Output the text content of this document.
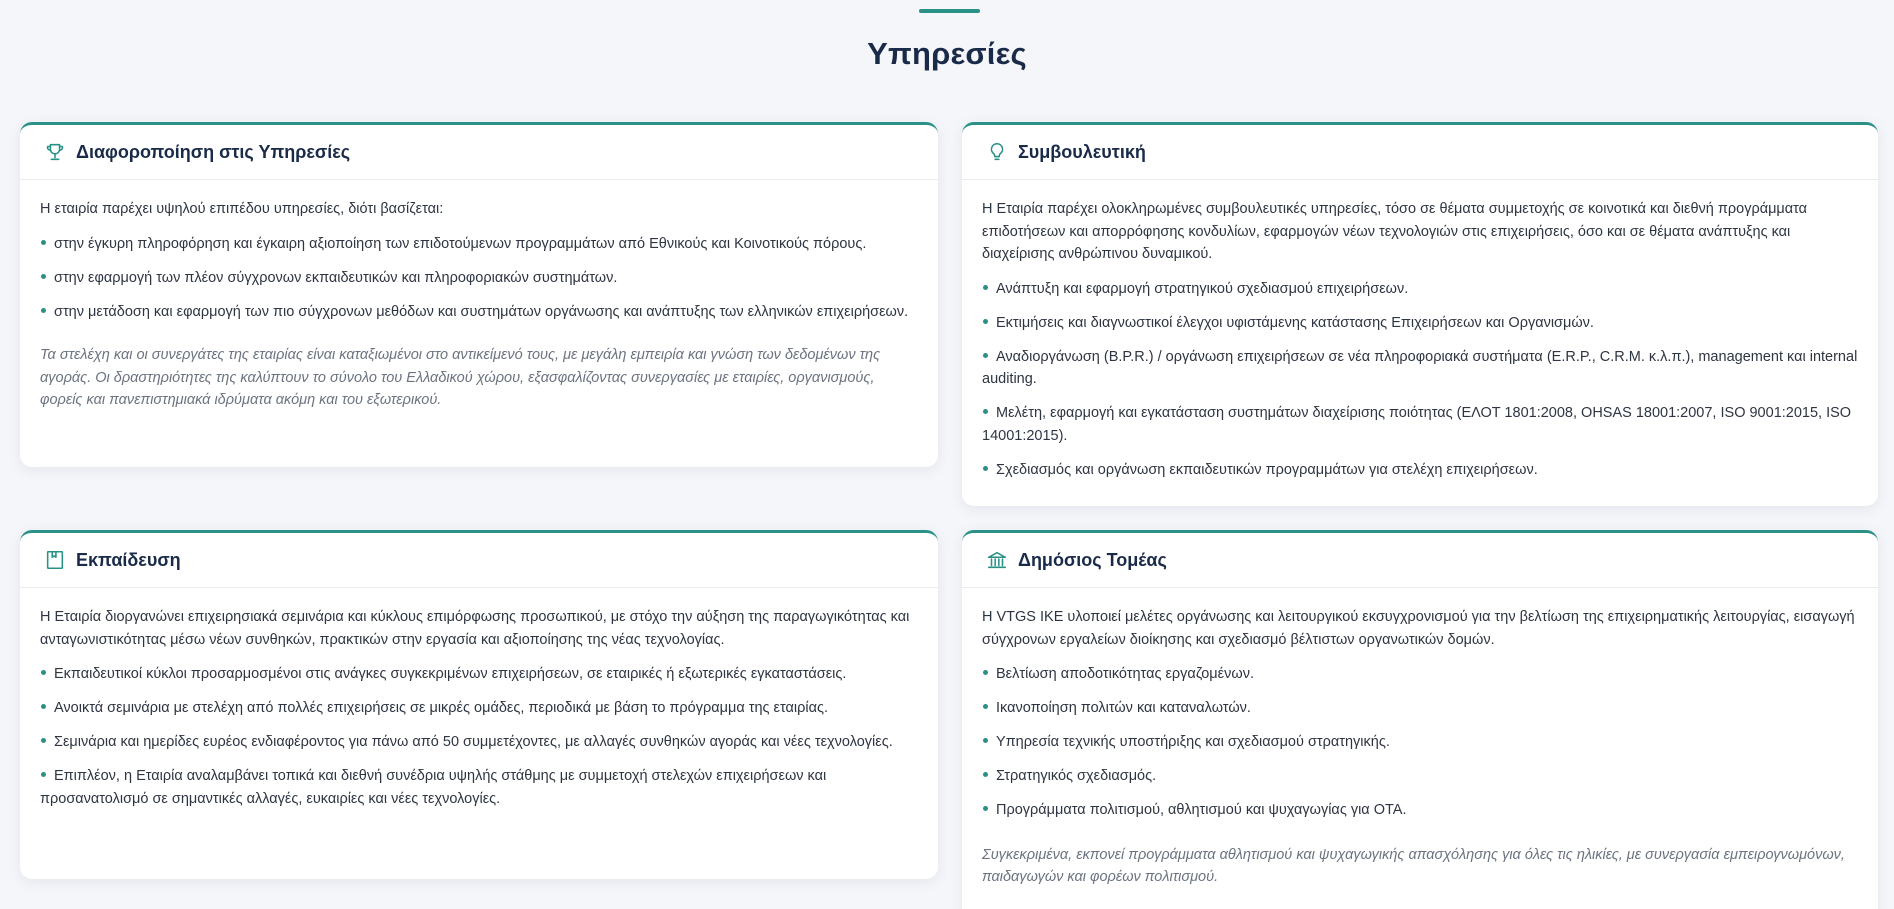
Υπηρεσίες
Διαφοροποίηση στις Υπηρεσίες

Η εταιρία παρέχει υψηλού επιπέδου υπηρεσίες, διότι βασίζεται:

στην έγκυρη πληροφόρηση και έγκαιρη αξιοποίηση των επιδοτούμενων προγραμμάτων από Εθνικούς και Κοινοτικούς πόρους.
στην εφαρμογή των πλέον σύγχρονων εκπαιδευτικών και πληροφοριακών συστημάτων.
στην μετάδοση και εφαρμογή των πιο σύγχρονων μεθόδων και συστημάτων οργάνωσης και ανάπτυξης των ελληνικών επιχειρήσεων.

Τα στελέχη και οι συνεργάτες της εταιρίας είναι καταξιωμένοι στο αντικείμενό τους, με μεγάλη εμπειρία και γνώση των δεδομένων της αγοράς. Οι δραστηριότητες της καλύπτουν το σύνολο του Ελλαδικού χώρου, εξασφαλίζοντας συνεργασίες με εταιρίες, οργανισμούς, φορείς και πανεπιστημιακά ιδρύματα ακόμη και του εξωτερικού.

Συμβουλευτική

Η Εταιρία παρέχει ολοκληρωμένες συμβουλευτικές υπηρεσίες, τόσο σε θέματα συμμετοχής σε κοινοτικά και διεθνή προγράμματα επιδοτήσεων και απορρόφησης κονδυλίων, εφαρμογών νέων τεχνολογιών στις επιχειρήσεις, όσο και σε θέματα ανάπτυξης και διαχείρισης ανθρώπινου δυναμικού.

Ανάπτυξη και εφαρμογή στρατηγικού σχεδιασμού επιχειρήσεων.
Εκτιμήσεις και διαγνωστικοί έλεγχοι υφιστάμενης κατάστασης Επιχειρήσεων και Οργανισμών.
Αναδιοργάνωση (B.P.R.) / οργάνωση επιχειρήσεων σε νέα πληροφοριακά συστήματα (E.R.P., C.R.M. κ.λ.π.), management και internal auditing.
Μελέτη, εφαρμογή και εγκατάσταση συστημάτων διαχείρισης ποιότητας (ΕΛΟΤ 1801:2008, OHSAS 18001:2007, ISO 9001:2015, ISO 14001:2015).
Σχεδιασμός και οργάνωση εκπαιδευτικών προγραμμάτων για στελέχη επιχειρήσεων.
Εκπαίδευση

Η Εταιρία διοργανώνει επιχειρησιακά σεμινάρια και κύκλους επιμόρφωσης προσωπικού, με στόχο την αύξηση της παραγωγικότητας και ανταγωνιστικότητας μέσω νέων συνθηκών, πρακτικών στην εργασία και αξιοποίησης της νέας τεχνολογίας.

Εκπαιδευτικοί κύκλοι προσαρμοσμένοι στις ανάγκες συγκεκριμένων επιχειρήσεων, σε εταιρικές ή εξωτερικές εγκαταστάσεις.
Ανοικτά σεμινάρια με στελέχη από πολλές επιχειρήσεις σε μικρές ομάδες, περιοδικά με βάση το πρόγραμμα της εταιρίας.
Σεμινάρια και ημερίδες ευρέος ενδιαφέροντος για πάνω από 50 συμμετέχοντες, με αλλαγές συνθηκών αγοράς και νέες τεχνολογίες.
Επιπλέον, η Εταιρία αναλαμβάνει τοπικά και διεθνή συνέδρια υψηλής στάθμης με συμμετοχή στελεχών επιχειρήσεων και προσανατολισμό σε σημαντικές αλλαγές, ευκαιρίες και νέες τεχνολογίες.
Δημόσιος Τομέας

Η VTGS ΙΚΕ υλοποιεί μελέτες οργάνωσης και λειτουργικού εκσυγχρονισμού για την βελτίωση της επιχειρηματικής λειτουργίας, εισαγωγή σύγχρονων εργαλείων διοίκησης και σχεδιασμό βέλτιστων οργανωτικών δομών.

Βελτίωση αποδοτικότητας εργαζομένων.
Ικανοποίηση πολιτών και καταναλωτών.
Υπηρεσία τεχνικής υποστήριξης και σχεδιασμού στρατηγικής.
Στρατηγικός σχεδιασμός.
Προγράμματα πολιτισμού, αθλητισμού και ψυχαγωγίας για ΟΤΑ.

Συγκεκριμένα, εκπονεί προγράμματα αθλητισμού και ψυχαγωγικής απασχόλησης για όλες τις ηλικίες, με συνεργασία εμπειρογνωμόνων, παιδαγωγών και φορέων πολιτισμού.
